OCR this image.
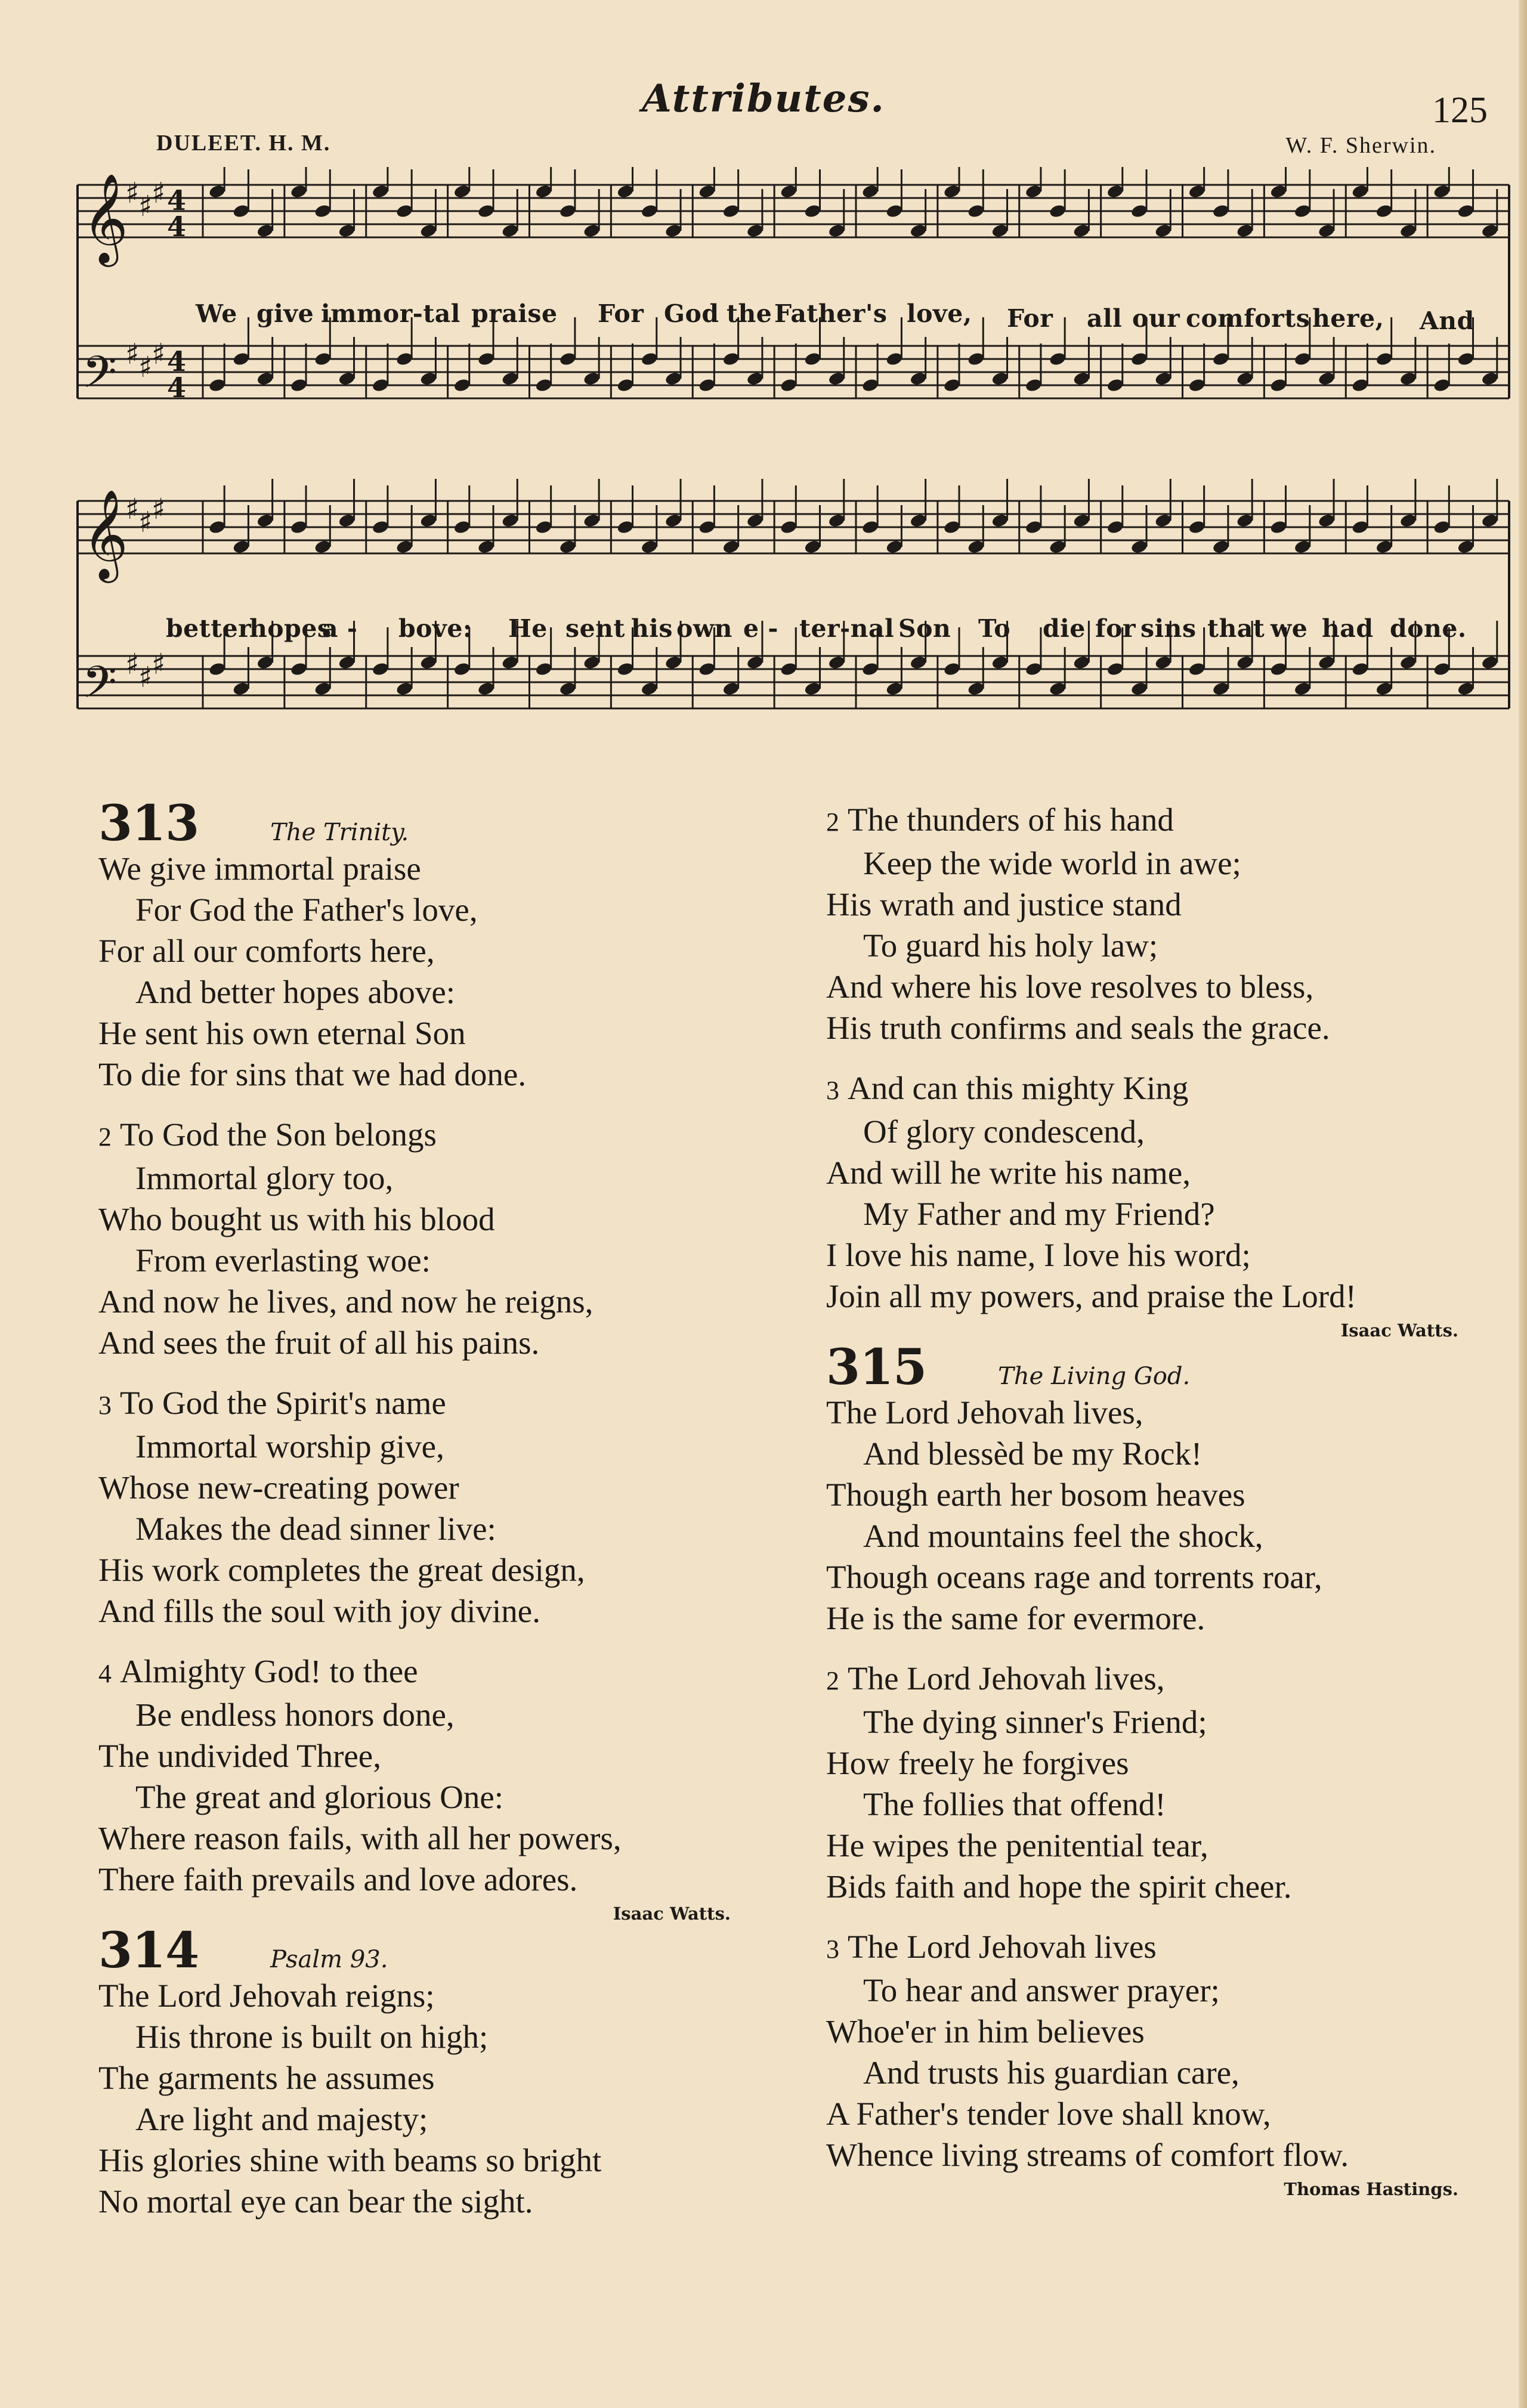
Attributes.	125
DULEET. H. M.	W. F. Sherwin.
𝄞
♯
♯
♯ 4
4
𝄢 ♯
♯
♯ 4
4
𝄞
♯
♯
♯
𝄢 ♯
♯
♯
We give immor-tal praise For God the Father's love, For all our comforts here, And
better
hopes
a - bove: He sent his own e - ter-nal Son To die for sins that we had done.
313	The Trinity.
We give immortal praise
For God the Father's love,
For all our comforts here,
And better hopes above:
He sent his own eternal Son
To die for sins that we had done.
2 To God the Son belongs
Immortal glory too,
Who bought us with his blood
From everlasting woe:
And now he lives, and now he reigns,
And sees the fruit of all his pains.
3 To God the Spirit's name
Immortal worship give,
Whose new-creating power
Makes the dead sinner live:
His work completes the great design,
And fills the soul with joy divine.
4 Almighty God! to thee
Be endless honors done,
The undivided Three,
The great and glorious One:
Where reason fails, with all her powers,
There faith prevails and love adores.
Isaac Watts.
314	Psalm 93.
The Lord Jehovah reigns;
His throne is built on high;
The garments he assumes
Are light and majesty;
His glories shine with beams so bright
No mortal eye can bear the sight.
2 The thunders of his hand
Keep the wide world in awe;
His wrath and justice stand
To guard his holy law;
And where his love resolves to bless,
His truth confirms and seals the grace.
3 And can this mighty King
Of glory condescend,
And will he write his name,
My Father and my Friend?
I love his name, I love his word;
Join all my powers, and praise the Lord!
Isaac Watts.
315	The Living God.
The Lord Jehovah lives,
And blessèd be my Rock!
Though earth her bosom heaves
And mountains feel the shock,
Though oceans rage and torrents roar,
He is the same for evermore.
2 The Lord Jehovah lives,
The dying sinner's Friend;
How freely he forgives
The follies that offend!
He wipes the penitential tear,
Bids faith and hope the spirit cheer.
3 The Lord Jehovah lives
To hear and answer prayer;
Whoe'er in him believes
And trusts his guardian care,
A Father's tender love shall know,
Whence living streams of comfort flow.
Thomas Hastings.
